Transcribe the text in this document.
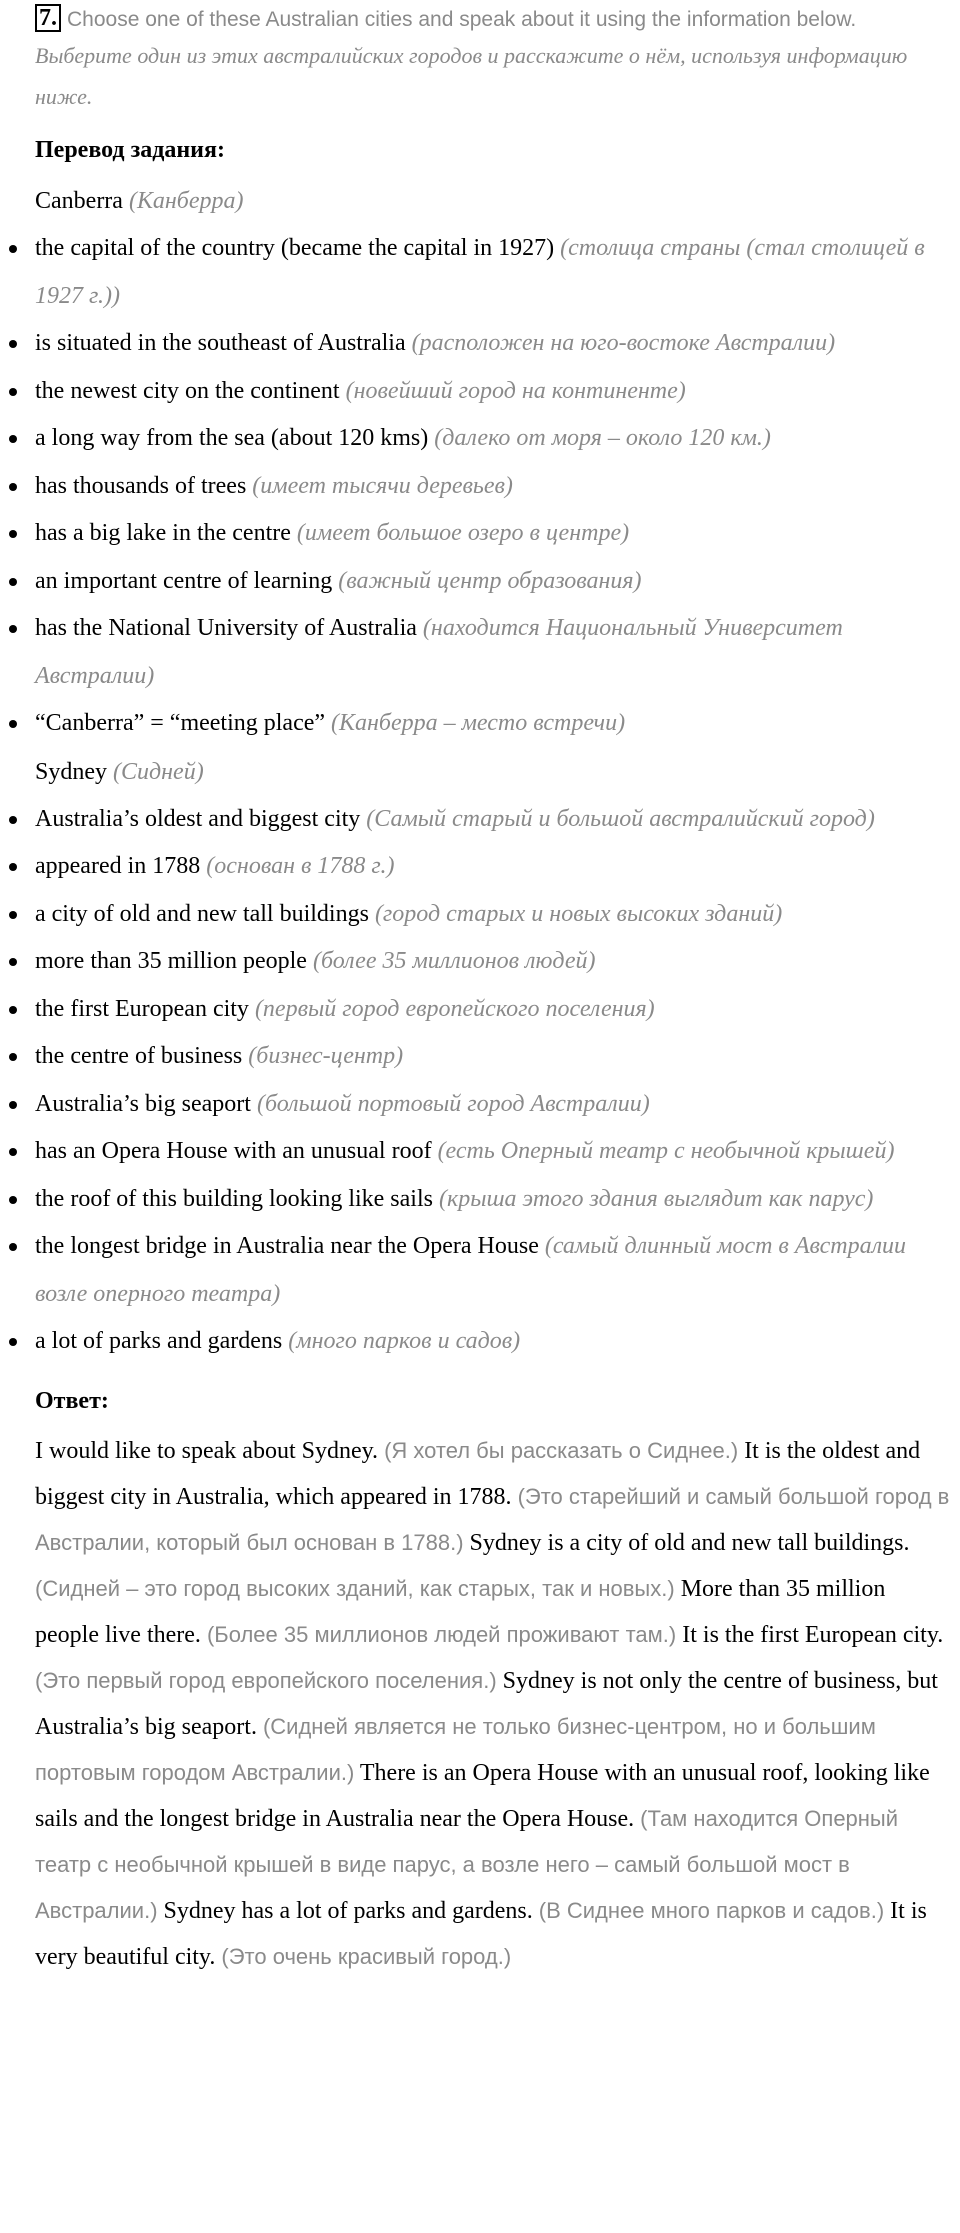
7. Choose one of these Australian cities and speak about it using the information below.
Выберите один из этих австралийских городов и расскажите о нём, используя информацию ниже.
Перевод задания:
Canberra (Канберра)
the capital of the country (became the capital in 1927) (столица страны (стал столицей в 1927 г.))
is situated in the southeast of Australia (расположен на юго-востоке Австралии)
the newest city on the continent (новейший город на континенте)
a long way from the sea (about 120 kms) (далеко от моря – около 120 км.)
has thousands of trees (имеет тысячи деревьев)
has a big lake in the centre (имеет большое озеро в центре)
an important centre of learning (важный центр образования)
has the National University of Australia (находится Национальный Университет Австралии)
“Canberra” = “meeting place” (Канберра – место встречи)
Sydney (Сидней)
Australia’s oldest and biggest city (Самый старый и большой австралийский город)
appeared in 1788 (основан в 1788 г.)
a city of old and new tall buildings (город старых и новых высоких зданий)
more than 35 million people (более 35 миллионов людей)
the first European city (первый город европейского поселения)
the centre of business (бизнес-центр)
Australia’s big seaport (большой портовый город Австралии)
has an Opera House with an unusual roof (есть Оперный театр с необычной крышей)
the roof of this building looking like sails (крыша этого здания выглядит как парус)
the longest bridge in Australia near the Opera House (самый длинный мост в Австралии возле оперного театра)
a lot of parks and gardens (много парков и садов)
Ответ:
I would like to speak about Sydney. (Я хотел бы рассказать о Сиднее.) It is the oldest and biggest city in Australia, which appeared in 1788. (Это старейший и самый большой город в Австралии, который был основан в 1788.) Sydney is a city of old and new tall buildings. (Сидней – это город высоких зданий, как старых, так и новых.) More than 35 million people live there. (Более 35 миллионов людей проживают там.) It is the first European city. (Это первый город европейского поселения.) Sydney is not only the centre of business, but Australia’s big seaport. (Сидней является не только бизнес-центром, но и большим портовым городом Австралии.) There is an Opera House with an unusual roof, looking like sails and the longest bridge in Australia near the Opera House. (Там находится Оперный театр с необычной крышей в виде парус, а возле него – самый большой мост в Австралии.) Sydney has a lot of parks and gardens. (В Сиднее много парков и садов.) It is very beautiful city. (Это очень красивый город.)
